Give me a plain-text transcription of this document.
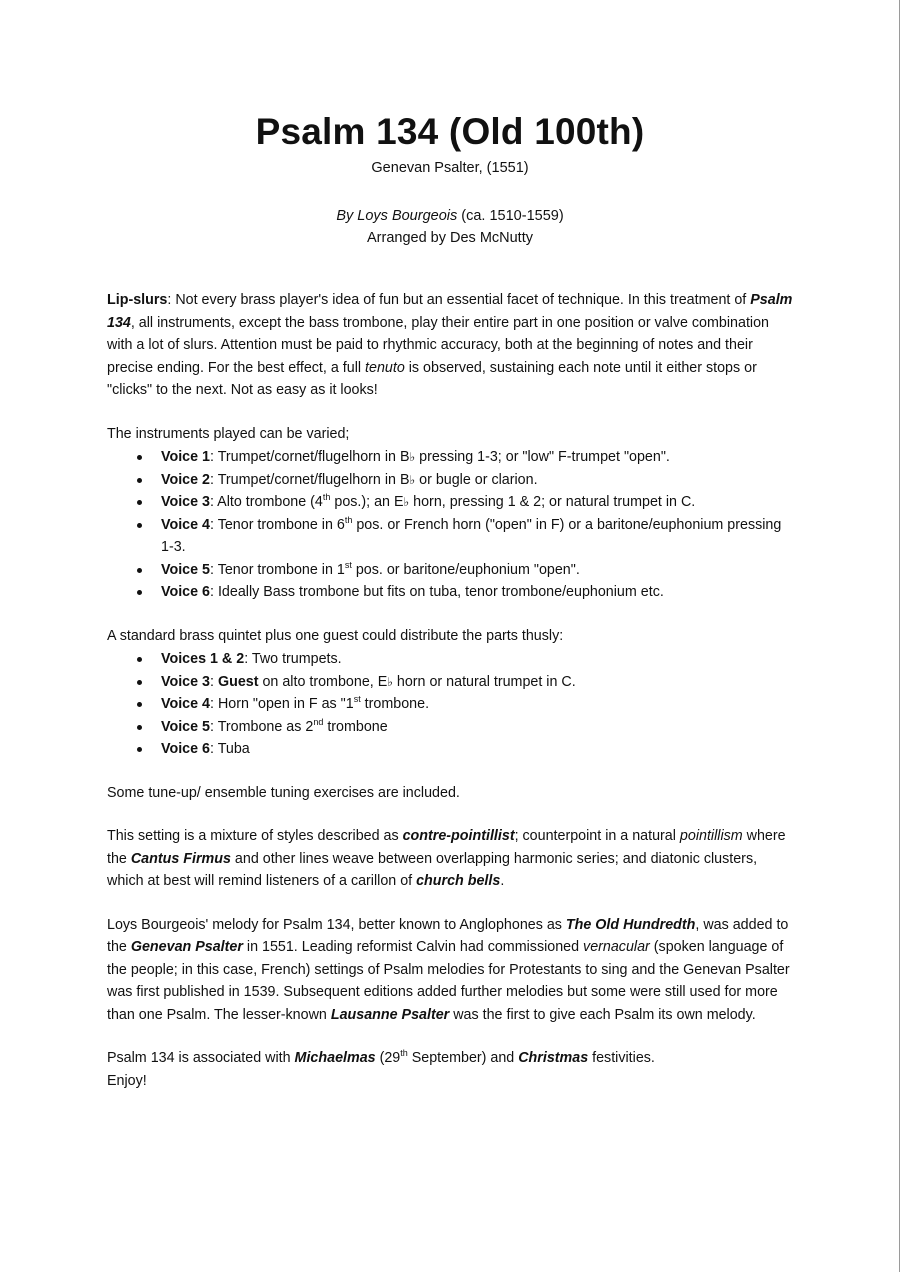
Psalm 134 (Old 100th)

Genevan Psalter, (1551)

By Loys Bourgeois (ca. 1510-1559)
Arranged by Des McNutty

Lip-slurs: Not every brass player's idea of fun but an essential facet of technique. In this treatment of Psalm 134, all instruments, except the bass trombone, play their entire part in one position or valve combination with a lot of slurs. Attention must be paid to rhythmic accuracy, both at the beginning of notes and their precise ending. For the best effect, a full tenuto is observed, sustaining each note until it either stops or "clicks" to the next. Not as easy as it looks!

The instruments played can be varied;

Voice 1: Trumpet/cornet/flugelhorn in B♭ pressing 1-3; or "low" F-trumpet "open".
Voice 2: Trumpet/cornet/flugelhorn in B♭ or bugle or clarion.
Voice 3: Alto trombone (4th pos.); an E♭ horn, pressing 1 & 2; or natural trumpet in C.
Voice 4: Tenor trombone in 6th pos. or French horn ("open" in F) or a baritone/euphonium pressing 1-3.
Voice 5: Tenor trombone in 1st pos. or baritone/euphonium "open".
Voice 6: Ideally Bass trombone but fits on tuba, tenor trombone/euphonium etc.

A standard brass quintet plus one guest could distribute the parts thusly:

Voices 1 & 2: Two trumpets.
Voice 3: Guest on alto trombone, E♭ horn or natural trumpet in C.
Voice 4: Horn "open in F as "1st trombone.
Voice 5: Trombone as 2nd trombone
Voice 6: Tuba

Some tune-up/ ensemble tuning exercises are included.

This setting is a mixture of styles described as contre-pointillist; counterpoint in a natural pointillism where the Cantus Firmus and other lines weave between overlapping harmonic series; and diatonic clusters, which at best will remind listeners of a carillon of church bells.

Loys Bourgeois' melody for Psalm 134, better known to Anglophones as The Old Hundredth, was added to the Genevan Psalter in 1551. Leading reformist Calvin had commissioned vernacular (spoken language of the people; in this case, French) settings of Psalm melodies for Protestants to sing and the Genevan Psalter was first published in 1539. Subsequent editions added further melodies but some were still used for more than one Psalm. The lesser-known Lausanne Psalter was the first to give each Psalm its own melody.

Psalm 134 is associated with Michaelmas (29th September) and Christmas festivities.
Enjoy!
